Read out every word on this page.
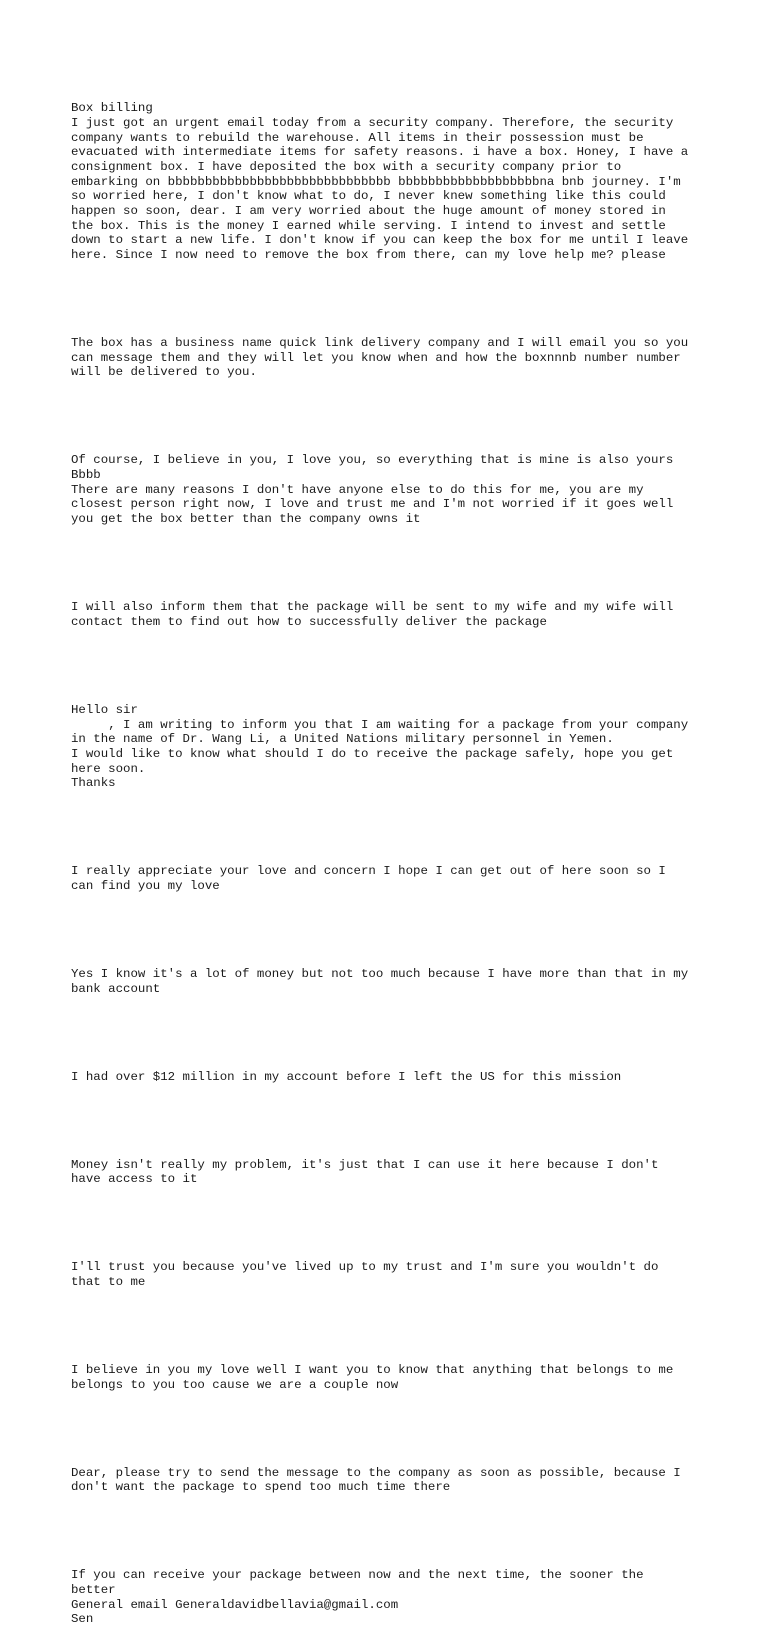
Box billing
I just got an urgent email today from a security company. Therefore, the security
company wants to rebuild the warehouse. All items in their possession must be
evacuated with intermediate items for safety reasons. i have a box. Honey, I have a
consignment box. I have deposited the box with a security company prior to
embarking on bbbbbbbbbbbbbbbbbbbbbbbbbbbbbb bbbbbbbbbbbbbbbbbbbna bnb journey. I'm
so worried here, I don't know what to do, I never knew something like this could
happen so soon, dear. I am very worried about the huge amount of money stored in
the box. This is the money I earned while serving. I intend to invest and settle
down to start a new life. I don't know if you can keep the box for me until I leave
here. Since I now need to remove the box from there, can my love help me? please

The box has a business name quick link delivery company and I will email you so you
can message them and they will let you know when and how the boxnnnb number number
will be delivered to you.

Of course, I believe in you, I love you, so everything that is mine is also yours
Bbbb
There are many reasons I don't have anyone else to do this for me, you are my
closest person right now, I love and trust me and I'm not worried if it goes well
you get the box better than the company owns it

I will also inform them that the package will be sent to my wife and my wife will
contact them to find out how to successfully deliver the package

Hello sir
, I am writing to inform you that I am waiting for a package from your company
in the name of Dr. Wang Li, a United Nations military personnel in Yemen.
I would like to know what should I do to receive the package safely, hope you get
here soon.
Thanks

I really appreciate your love and concern I hope I can get out of here soon so I
can find you my love

Yes I know it's a lot of money but not too much because I have more than that in my
bank account

I had over $12 million in my account before I left the US for this mission

Money isn't really my problem, it's just that I can use it here because I don't
have access to it

I'll trust you because you've lived up to my trust and I'm sure you wouldn't do
that to me

I believe in you my love well I want you to know that anything that belongs to me
belongs to you too cause we are a couple now

Dear, please try to send the message to the company as soon as possible, because I
don't want the package to spend too much time there

If you can receive your package between now and the next time, the sooner the
better
General email Generaldavidbellavia@gmail.com
Sen
